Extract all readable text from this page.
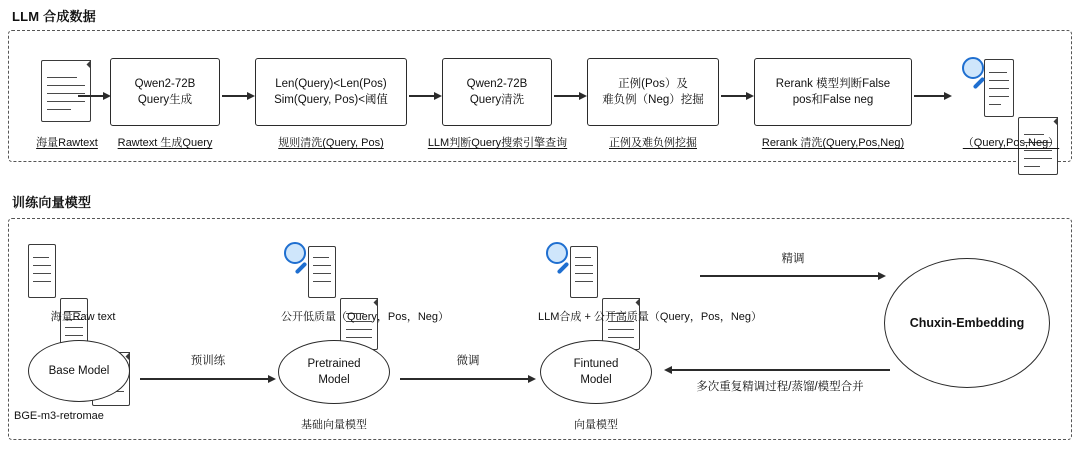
LLM 合成数据
海量Rawtext
Qwen2-72B
Query生成
Rawtext 生成Query
Len(Query)<Len(Pos)
Sim(Query, Pos)<阈值
规则清洗(Query, Pos)
Qwen2-72B
Query清洗
LLM判断Query搜索引擎查询
正例(Pos）及
难负例（Neg）挖掘
正例及难负例挖掘
Rerank 模型判断False
pos和False neg
Rerank 清洗(Query,Pos,Neg)	（Query,Pos,Neg）
训练向量模型
海量Raw text
Base Model
BGE-m3-retromae
预训练
公开低质量（Query，Pos，Neg）
Pretrained
Model
基础向量模型
微调
LLM合成 + 公开高质量（Query，Pos，Neg）
Fintuned
Model
向量模型
精调
多次重复精调过程/蒸馏/模型合并
Chuxin-Embedding
